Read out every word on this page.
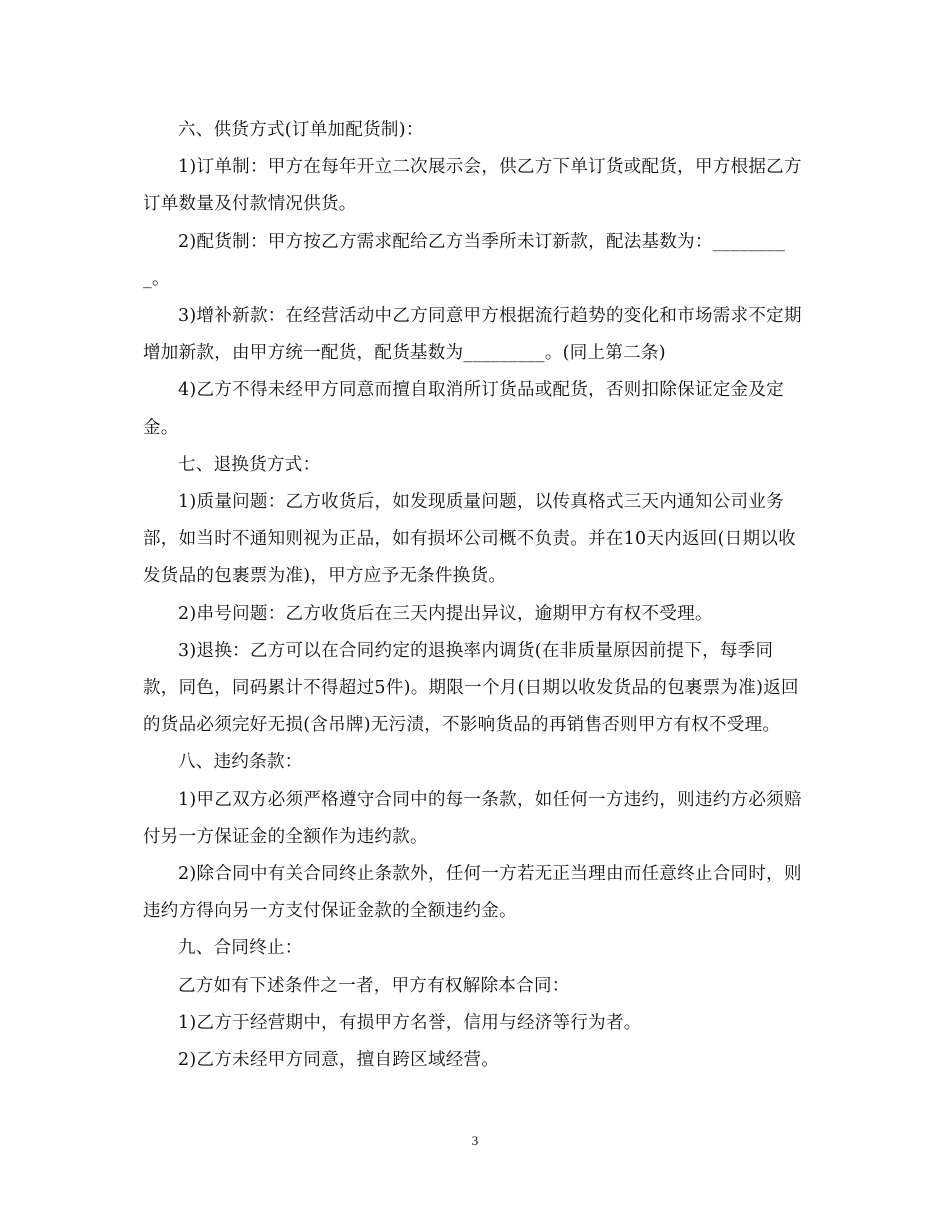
六、供货方式(订单加配货制)：

1)订单制：甲方在每年开立二次展示会，供乙方下单订货或配货，甲方根据乙方订单数量及付款情况供货。

2)配货制：甲方按乙方需求配给乙方当季所未订新款，配法基数为：_________。

3)增补新款：在经营活动中乙方同意甲方根据流行趋势的变化和市场需求不定期增加新款，由甲方统一配货，配货基数为_________。(同上第二条)

4)乙方不得未经甲方同意而擅自取消所订货品或配货，否则扣除保证定金及定金。

七、退换货方式：

1)质量问题：乙方收货后，如发现质量问题，以传真格式三天内通知公司业务部，如当时不通知则视为正品，如有损坏公司概不负责。并在10天内返回(日期以收发货品的包裹票为准)，甲方应予无条件换货。

2)串号问题：乙方收货后在三天内提出异议，逾期甲方有权不受理。

3)退换：乙方可以在合同约定的退换率内调货(在非质量原因前提下，每季同款，同色，同码累计不得超过5件)。期限一个月(日期以收发货品的包裹票为准)返回的货品必须完好无损(含吊牌)无污渍，不影响货品的再销售否则甲方有权不受理。

八、违约条款：

1)甲乙双方必须严格遵守合同中的每一条款，如任何一方违约，则违约方必须赔付另一方保证金的全额作为违约款。

2)除合同中有关合同终止条款外，任何一方若无正当理由而任意终止合同时，则违约方得向另一方支付保证金款的全额违约金。

九、合同终止：

乙方如有下述条件之一者，甲方有权解除本合同：

1)乙方于经营期中，有损甲方名誉，信用与经济等行为者。

2)乙方未经甲方同意，擅自跨区域经营。

3
